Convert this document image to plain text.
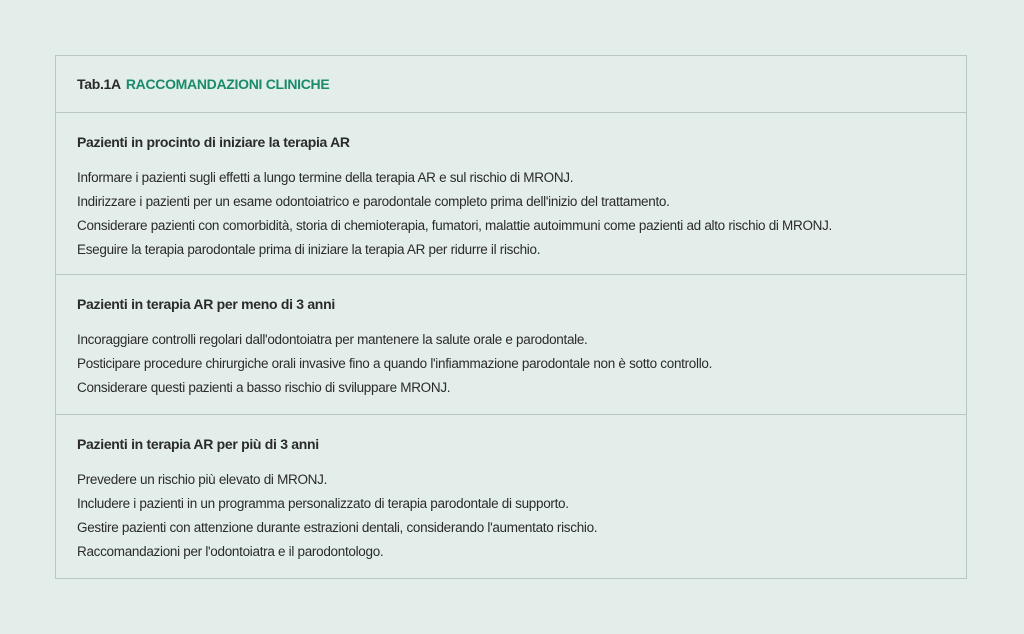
Tab.1A RACCOMANDAZIONI CLINICHE
Pazienti in procinto di iniziare la terapia AR
Informare i pazienti sugli effetti a lungo termine della terapia AR e sul rischio di MRONJ.
Indirizzare i pazienti per un esame odontoiatrico e parodontale completo prima dell'inizio del trattamento.
Considerare pazienti con comorbidità, storia di chemioterapia, fumatori, malattie autoimmuni come pazienti ad alto rischio di MRONJ.
Eseguire la terapia parodontale prima di iniziare la terapia AR per ridurre il rischio.
Pazienti in terapia AR per meno di 3 anni
Incoraggiare controlli regolari dall'odontoiatra per mantenere la salute orale e parodontale.
Posticipare procedure chirurgiche orali invasive fino a quando l'infiammazione parodontale non è sotto controllo.
Considerare questi pazienti a basso rischio di sviluppare MRONJ.
Pazienti in terapia AR per più di 3 anni
Prevedere un rischio più elevato di MRONJ.
Includere i pazienti in un programma personalizzato di terapia parodontale di supporto.
Gestire pazienti con attenzione durante estrazioni dentali, considerando l'aumentato rischio.
Raccomandazioni per l'odontoiatra e il parodontologo.
